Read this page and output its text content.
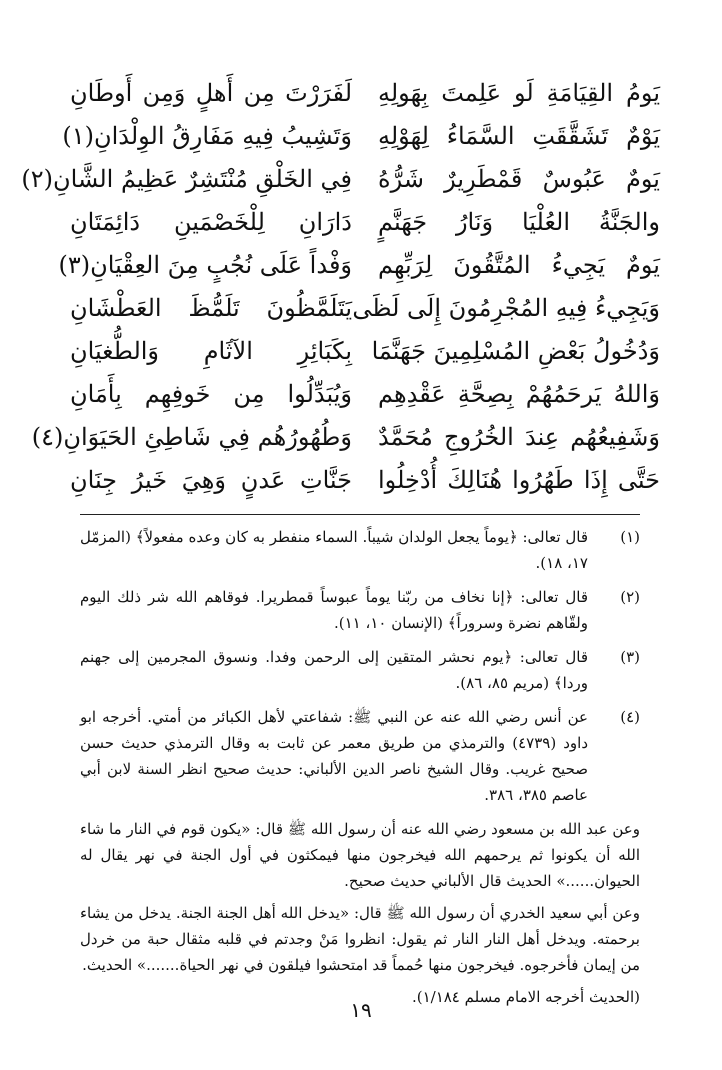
يَومُ القِيَامَةِ لَو عَلِمتَ بِهَولِهِ
لَفَرَرْتَ مِن أَهلٍ وَمِن أَوطَانِ
يَوْمٌ تَشَقَّقَتِ السَّمَاءُ لِهَوْلِهِ
وَتَشِيبُ فِيهِ مَفَارِقُ الوِلْدَانِ(١)
يَومٌ عَبُوسٌ قَمْطَرِيرٌ شَرُّهُ
فِي الخَلْقِ مُنْتَشِرٌ عَظِيمُ الشَّانِ(٢)
والجَنَّةُ العُلْيَا وَنَارُ جَهَنَّمٍ
دَارَانِ لِلْخَصْمَينِ دَائِمَتَانِ
يَومٌ يَجِيءُ المُتَّقُونَ لِرَبِّهِم
وَفْداً عَلَى نُجُبٍ مِنَ العِقْيَانِ(٣)
وَيَجِيءُ فِيهِ المُجْرِمُونَ إِلَى لَظَى
يَتَلَمَّظُونَ تَلَمُّظَ العَطْشَانِ
وَدُخُولُ بَعْضِ المُسْلِمِينَ جَهَنَّمَا
بِكَبَائِرِ الآثَامِ وَالطُّغيَانِ
وَاللهُ يَرحَمُهُمْ بِصِحَّةِ عَقْدِهِم
وَيُبَدِّلُوا مِن خَوفِهِم بِأَمَانِ
وَشَفِيعُهُم عِندَ الخُرُوجِ مُحَمَّدٌ
وَطُهُورُهُم فِي شَاطِئِ الحَيَوَانِ(٤)
حَتَّى إِذَا طَهُرُوا هُنَالِكَ أُدْخِلُوا
جَنَّاتِ عَدنٍ وَهِيَ خَيرُ جِنَانِ
(١)
قال تعالى: ﴿يوماً يجعل الولدان شيباً. السماء منفطر به كان وعده مفعولاً﴾ (المزمّل ١٧، ١٨).
(٢)
قال تعالى: ﴿إنا نخاف من ربّنا يوماً عبوساً قمطريرا. فوقاهم الله شر ذلك اليوم ولقّاهم نضرة وسروراً﴾ (الإنسان ١٠، ١١).
(٣)
قال تعالى: ﴿يوم نحشر المتقين إلى الرحمن وفدا. ونسوق المجرمين إلى جهنم وردا﴾ (مريم ٨٥، ٨٦).
(٤)
عن أنس رضي الله عنه عن النبي ﷺ: شفاعتي لأهل الكبائر من أمتي. أخرجه ابو داود (٤٧٣٩) والترمذي من طريق معمر عن ثابت به وقال الترمذي حديث حسن صحيح غريب. وقال الشيخ ناصر الدين الألباني: حديث صحيح انظر السنة لابن أبي عاصم ٣٨٥، ٣٨٦.
وعن عبد الله بن مسعود رضي الله عنه أن رسول الله ﷺ قال: «يكون قوم في النار ما شاء الله أن يكونوا ثم يرحمهم الله فيخرجون منها فيمكثون في أول الجنة في نهر يقال له الحيوان......» الحديث قال الألباني حديث صحيح.
وعن أبي سعيد الخدري أن رسول الله ﷺ قال: «يدخل الله أهل الجنة الجنة. يدخل من يشاء برحمته. ويدخل أهل النار النار ثم يقول: انظروا مَنْ وجدتم في قلبه مثقال حبة من خردل من إيمان فأخرجوه. فيخرجون منها حُمماً قد امتحشوا فيلقون في نهر الحياة.......» الحديث.
(الحديث أخرجه الامام مسلم ١/١٨٤).
١٩
